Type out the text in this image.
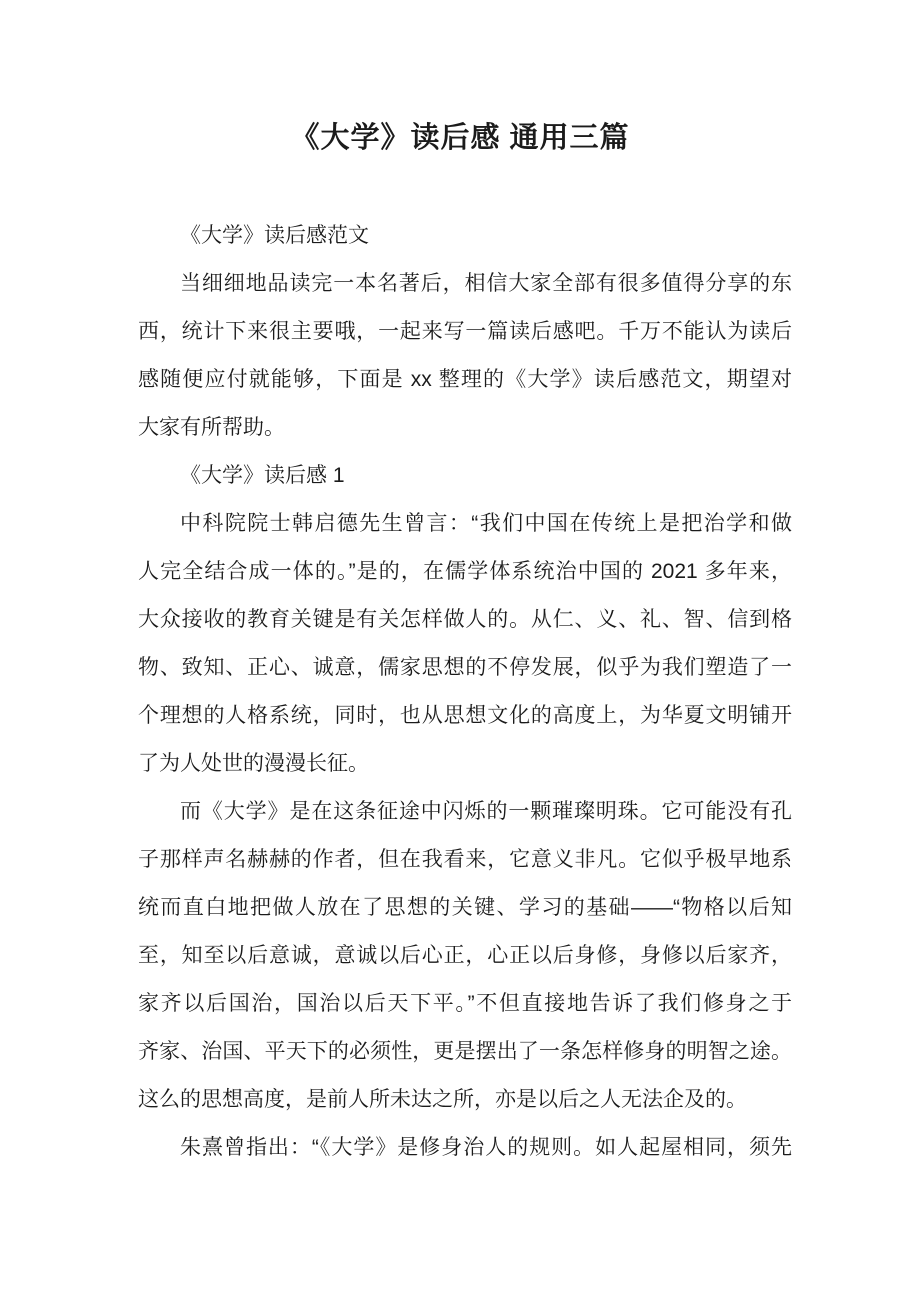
《大学》读后感 通用三篇
《大学》读后感范文
当细细地品读完一本名著后，相信大家全部有很多值得分享的东
西，统计下来很主要哦，一起来写一篇读后感吧。千万不能认为读后
感随便应付就能够，下面是 xx 整理的《大学》读后感范文，期望对
大家有所帮助。
《大学》读后感 1
中科院院士韩启德先生曾言：“我们中国在传统上是把治学和做
人完全结合成一体的。”是的，在儒学体系统治中国的 2021 多年来，
大众接收的教育关键是有关怎样做人的。从仁、义、礼、智、信到格
物、致知、正心、诚意，儒家思想的不停发展，似乎为我们塑造了一
个理想的人格系统，同时，也从思想文化的高度上，为华夏文明铺开
了为人处世的漫漫长征。
而《大学》是在这条征途中闪烁的一颗璀璨明珠。它可能没有孔
子那样声名赫赫的作者，但在我看来，它意义非凡。它似乎极早地系
统而直白地把做人放在了思想的关键、学习的基础――“物格以后知
至，知至以后意诚，意诚以后心正，心正以后身修，身修以后家齐，
家齐以后国治，国治以后天下平。”不但直接地告诉了我们修身之于
齐家、治国、平天下的必须性，更是摆出了一条怎样修身的明智之途。
这么的思想高度，是前人所未达之所，亦是以后之人无法企及的。
朱熹曾指出：“《大学》是修身治人的规则。如人起屋相同，须先
